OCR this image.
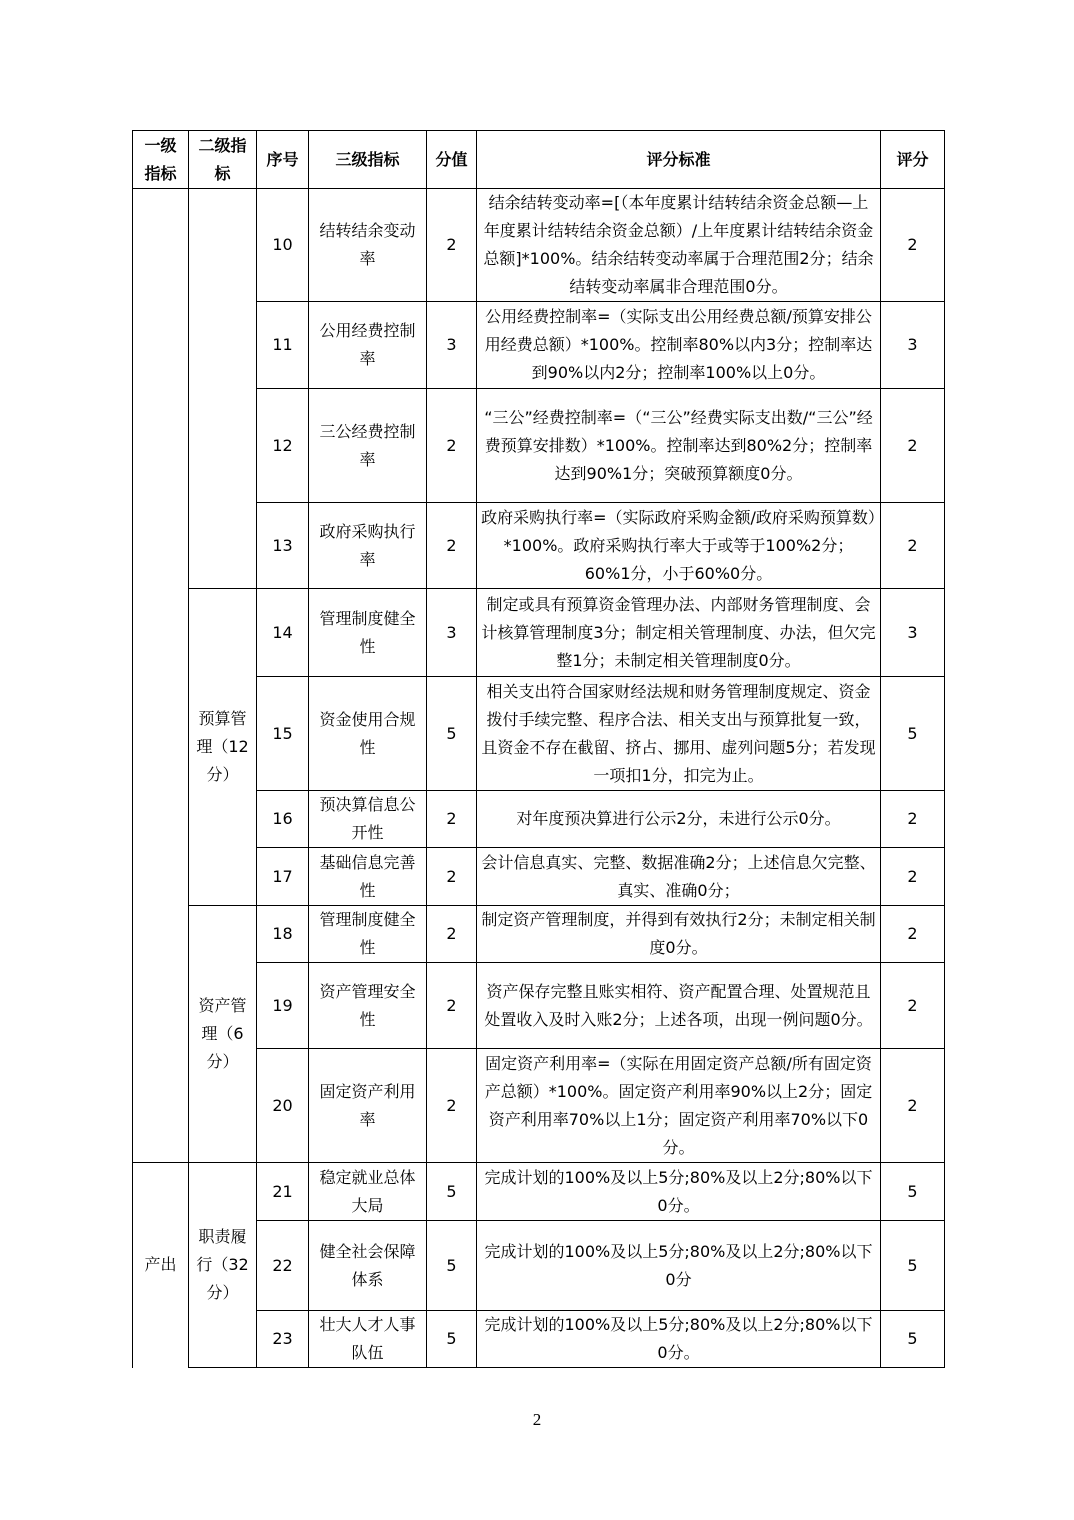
一级指标	二级指标	序号	三级指标	分值	评分标准	评分
		10	结转结余变动率	2	结余结转变动率=[（本年度累计结转结余资金总额—上年度累计结转结余资金总额）/上年度累计结转结余资金总额]*100%。结余结转变动率属于合理范围2分；结余结转变动率属非合理范围0分。	2
		11	公用经费控制率	3	公用经费控制率=（实际支出公用经费总额/预算安排公用经费总额）*100%。控制率80%以内3分；控制率达到90%以内2分；控制率100%以上0分。	3
		12	三公经费控制率	2	“三公”经费控制率=（“三公”经费实际支出数/“三公”经费预算安排数）*100%。控制率达到80%2分；控制率达到90%1分；突破预算额度0分。	2
		13	政府采购执行率	2	政府采购执行率=（实际政府采购金额/政府采购预算数）*100%。政府采购执行率大于或等于100%2分；60%1分，小于60%0分。	2
	预算管理（12分）	14	管理制度健全性	3	制定或具有预算资金管理办法、内部财务管理制度、会计核算管理制度3分；制定相关管理制度、办法，但欠完整1分；未制定相关管理制度0分。	3
		15	资金使用合规性	5	相关支出符合国家财经法规和财务管理制度规定、资金拨付手续完整、程序合法、相关支出与预算批复一致，且资金不存在截留、挤占、挪用、虚列问题5分；若发现一项扣1分，扣完为止。	5
		16	预决算信息公开性	2	对年度预决算进行公示2分，未进行公示0分。	2
		17	基础信息完善性	2	会计信息真实、完整、数据准确2分；上述信息欠完整、真实、准确0分；	2
	资产管理（6分）	18	管理制度健全性	2	制定资产管理制度，并得到有效执行2分；未制定相关制度0分。	2
		19	资产管理安全性	2	资产保存完整且账实相符、资产配置合理、处置规范且处置收入及时入账2分；上述各项，出现一例问题0分。	2
		20	固定资产利用率	2	固定资产利用率=（实际在用固定资产总额/所有固定资产总额）*100%。固定资产利用率90%以上2分；固定资产利用率70%以上1分；固定资产利用率70%以下0分。	2
产出	职责履行（32分）	21	稳定就业总体大局	5	完成计划的100%及以上5分;80%及以上2分;80%以下0分。	5
		22	健全社会保障体系	5	完成计划的100%及以上5分;80%及以上2分;80%以下0分	5
		23	壮大人才人事队伍	5	完成计划的100%及以上5分;80%及以上2分;80%以下0分。	5
2
